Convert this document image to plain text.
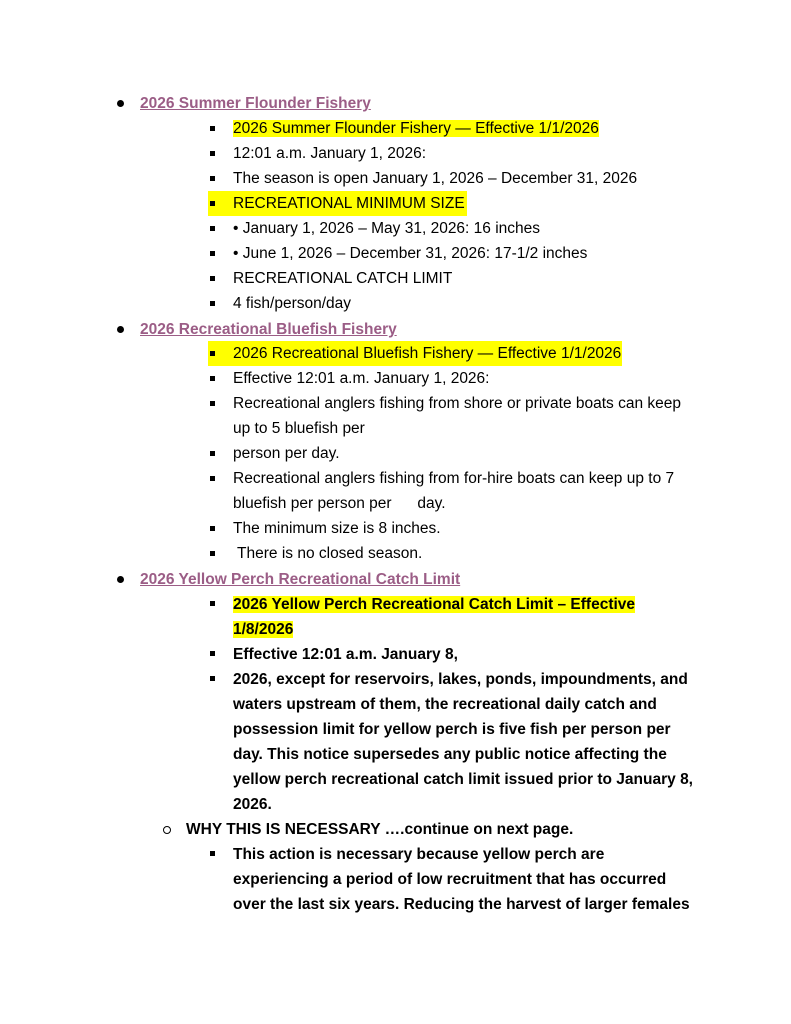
2026 Summer Flounder Fishery
2026 Summer Flounder Fishery — Effective 1/1/2026
12:01 a.m. January 1, 2026:
The season is open January 1, 2026 – December 31, 2026
RECREATIONAL MINIMUM SIZE
• January 1, 2026 – May 31, 2026: 16 inches
• June 1, 2026 – December 31, 2026: 17-1/2 inches
RECREATIONAL CATCH LIMIT
4 fish/person/day
2026 Recreational Bluefish Fishery
2026 Recreational Bluefish Fishery — Effective 1/1/2026
Effective 12:01 a.m. January 1, 2026:
Recreational anglers fishing from shore or private boats can keep up to 5 bluefish per
person per day.
Recreational anglers fishing from for-hire boats can keep up to 7 bluefish per person per      day.
The minimum size is 8 inches.
There is no closed season.
2026 Yellow Perch Recreational Catch Limit
2026 Yellow Perch Recreational Catch Limit – Effective 1/8/2026
Effective 12:01 a.m. January 8,
2026, except for reservoirs, lakes, ponds, impoundments, and waters upstream of them, the recreational daily catch and possession limit for yellow perch is five fish per person per day. This notice supersedes any public notice affecting the yellow perch recreational catch limit issued prior to January 8, 2026.
WHY THIS IS NECESSARY ….continue on next page.
This action is necessary because yellow perch are experiencing a period of low recruitment that has occurred over the last six years. Reducing the harvest of larger females
